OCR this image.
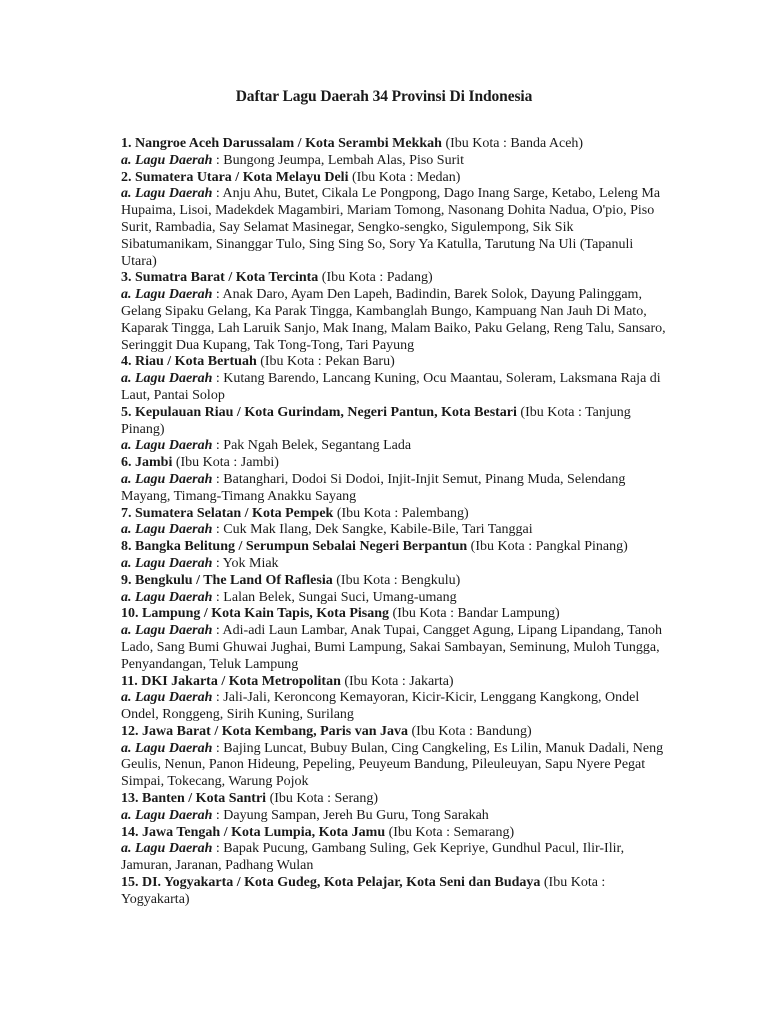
Daftar Lagu Daerah 34 Provinsi Di Indonesia
1. Nangroe Aceh Darussalam / Kota Serambi Mekkah (Ibu Kota : Banda Aceh)
a. Lagu Daerah : Bungong Jeumpa, Lembah Alas, Piso Surit
2. Sumatera Utara / Kota Melayu Deli (Ibu Kota : Medan)
a. Lagu Daerah : Anju Ahu, Butet, Cikala Le Pongpong, Dago Inang Sarge, Ketabo, Leleng Ma Hupaima, Lisoi, Madekdek Magambiri, Mariam Tomong, Nasonang Dohita Nadua, O'pio, Piso Surit, Rambadia, Say Selamat Masinegar, Sengko-sengko, Sigulempong, Sik Sik Sibatumanikam, Sinanggar Tulo, Sing Sing So, Sory Ya Katulla, Tarutung Na Uli (Tapanuli Utara)
3. Sumatra Barat / Kota Tercinta (Ibu Kota : Padang)
a. Lagu Daerah : Anak Daro, Ayam Den Lapeh, Badindin, Barek Solok, Dayung Palinggam, Gelang Sipaku Gelang, Ka Parak Tingga, Kambanglah Bungo, Kampuang Nan Jauh Di Mato, Kaparak Tingga, Lah Laruik Sanjo, Mak Inang, Malam Baiko, Paku Gelang, Reng Talu, Sansaro, Seringgit Dua Kupang, Tak Tong-Tong, Tari Payung
4. Riau / Kota Bertuah (Ibu Kota : Pekan Baru)
a. Lagu Daerah : Kutang Barendo, Lancang Kuning, Ocu Maantau, Soleram, Laksmana Raja di Laut, Pantai Solop
5. Kepulauan Riau / Kota Gurindam, Negeri Pantun, Kota Bestari (Ibu Kota : Tanjung Pinang)
a. Lagu Daerah : Pak Ngah Belek, Segantang Lada
6. Jambi (Ibu Kota : Jambi)
a. Lagu Daerah : Batanghari, Dodoi Si Dodoi, Injit-Injit Semut, Pinang Muda, Selendang Mayang, Timang-Timang Anakku Sayang
7. Sumatera Selatan / Kota Pempek (Ibu Kota : Palembang)
a. Lagu Daerah : Cuk Mak Ilang, Dek Sangke, Kabile-Bile, Tari Tanggai
8. Bangka Belitung / Serumpun Sebalai Negeri Berpantun (Ibu Kota : Pangkal Pinang)
a. Lagu Daerah : Yok Miak
9. Bengkulu / The Land Of Raflesia (Ibu Kota : Bengkulu)
a. Lagu Daerah : Lalan Belek, Sungai Suci, Umang-umang
10. Lampung / Kota Kain Tapis, Kota Pisang (Ibu Kota : Bandar Lampung)
a. Lagu Daerah : Adi-adi Laun Lambar, Anak Tupai, Cangget Agung, Lipang Lipandang, Tanoh Lado, Sang Bumi Ghuwai Jughai, Bumi Lampung, Sakai Sambayan, Seminung, Muloh Tungga, Penyandangan, Teluk Lampung
11. DKI Jakarta / Kota Metropolitan (Ibu Kota : Jakarta)
a. Lagu Daerah : Jali-Jali, Keroncong Kemayoran, Kicir-Kicir, Lenggang Kangkong, Ondel Ondel, Ronggeng, Sirih Kuning, Surilang
12. Jawa Barat / Kota Kembang, Paris van Java (Ibu Kota : Bandung)
a. Lagu Daerah : Bajing Luncat, Bubuy Bulan, Cing Cangkeling, Es Lilin, Manuk Dadali, Neng Geulis, Nenun, Panon Hideung, Pepeling, Peuyeum Bandung, Pileuleuyan, Sapu Nyere Pegat Simpai, Tokecang, Warung Pojok
13. Banten / Kota Santri (Ibu Kota : Serang)
a. Lagu Daerah : Dayung Sampan, Jereh Bu Guru, Tong Sarakah
14. Jawa Tengah / Kota Lumpia, Kota Jamu (Ibu Kota : Semarang)
a. Lagu Daerah : Bapak Pucung, Gambang Suling, Gek Kepriye, Gundhul Pacul, Ilir-Ilir, Jamuran, Jaranan, Padhang Wulan
15. DI. Yogyakarta / Kota Gudeg, Kota Pelajar, Kota Seni dan Budaya (Ibu Kota : Yogyakarta)
